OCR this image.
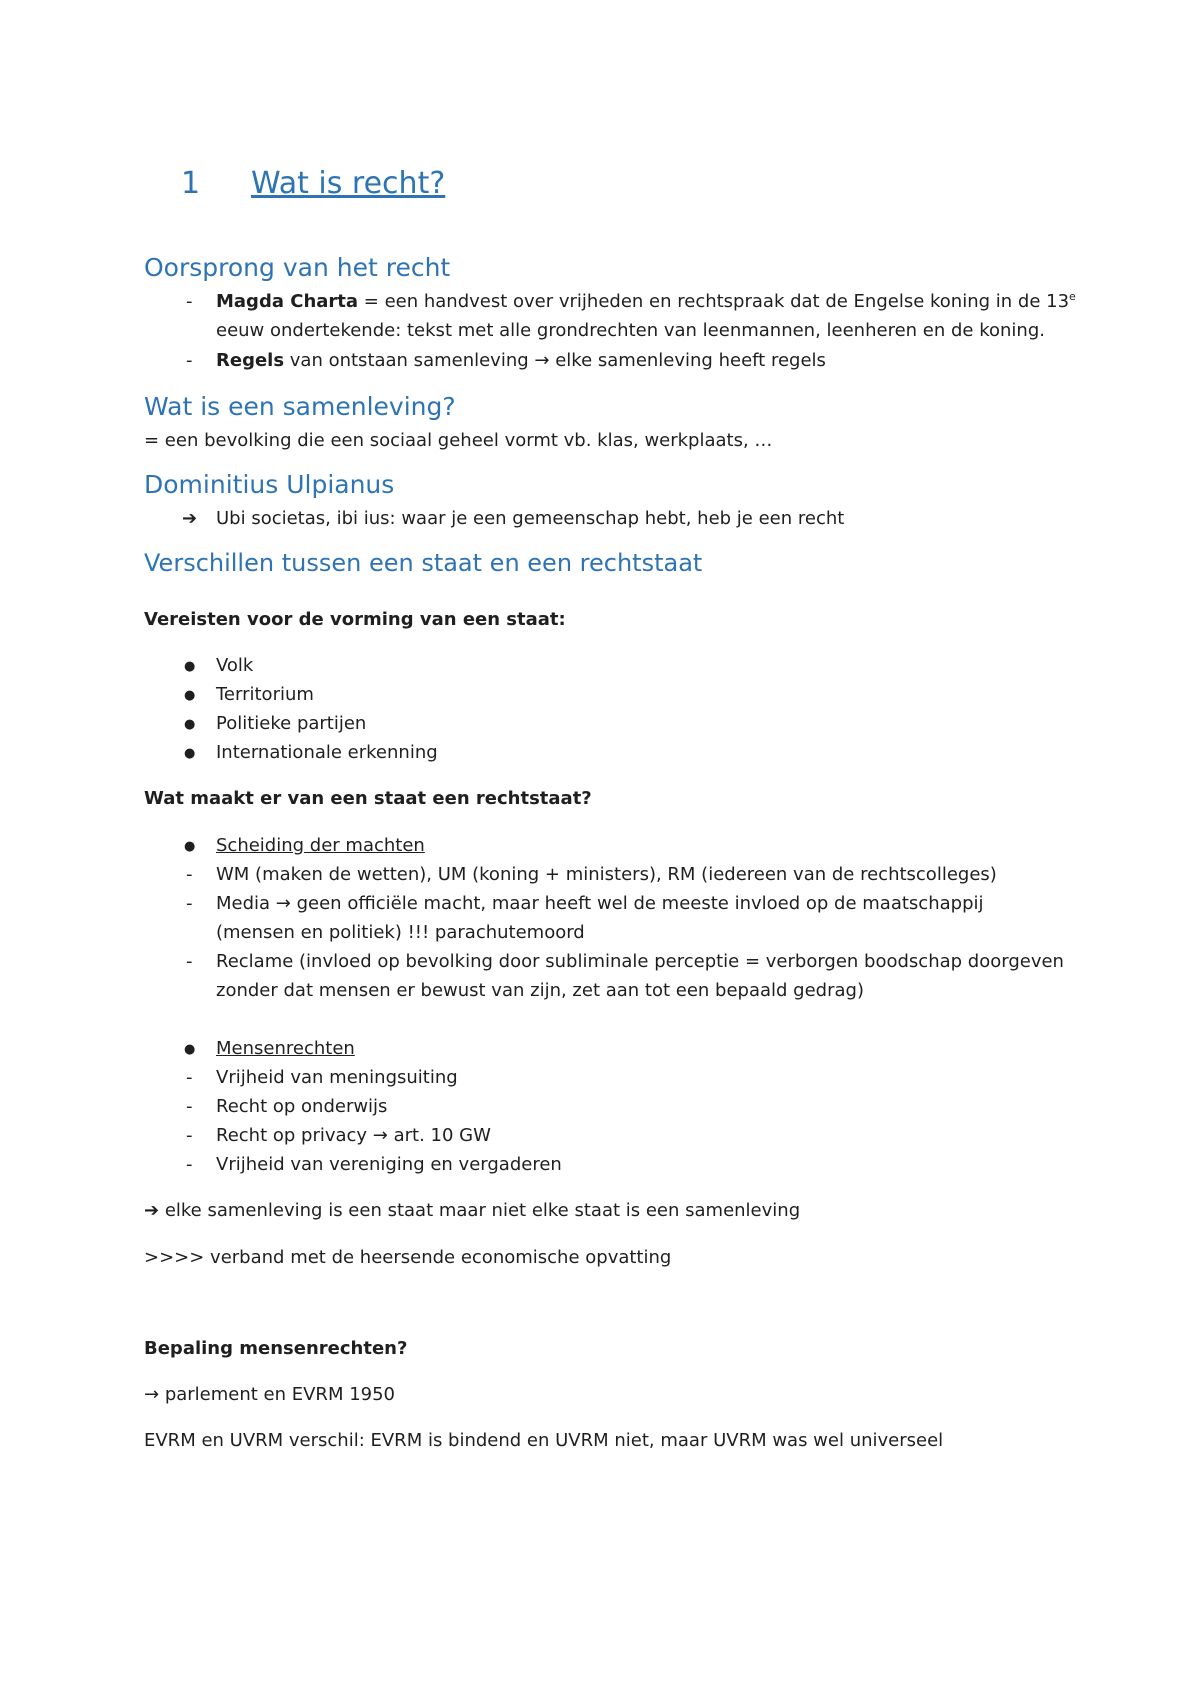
1 Wat is recht?
Oorsprong van het recht
- Magda Charta = een handvest over vrijheden en rechtspraak dat de Engelse koning in de 13e
eeuw ondertekende: tekst met alle grondrechten van leenmannen, leenheren en de koning.
- Regels van ontstaan samenleving → elke samenleving heeft regels
Wat is een samenleving?
= een bevolking die een sociaal geheel vormt vb. klas, werkplaats, …
Dominitius Ulpianus
➔ Ubi societas, ibi ius: waar je een gemeenschap hebt, heb je een recht
Verschillen tussen een staat en een rechtstaat
Vereisten voor de vorming van een staat:
● Volk
● Territorium
● Politieke partijen
● Internationale erkenning
Wat maakt er van een staat een rechtstaat?
● Scheiding der machten
- WM (maken de wetten), UM (koning + ministers), RM (iedereen van de rechtscolleges)
- Media → geen officiële macht, maar heeft wel de meeste invloed op de maatschappij
(mensen en politiek) !!! parachutemoord
- Reclame (invloed op bevolking door subliminale perceptie = verborgen boodschap doorgeven
zonder dat mensen er bewust van zijn, zet aan tot een bepaald gedrag)
● Mensenrechten
- Vrijheid van meningsuiting
- Recht op onderwijs
- Recht op privacy → art. 10 GW
- Vrijheid van vereniging en vergaderen
➔ elke samenleving is een staat maar niet elke staat is een samenleving
>>>> verband met de heersende economische opvatting
Bepaling mensenrechten?
→ parlement en EVRM 1950
EVRM en UVRM verschil: EVRM is bindend en UVRM niet, maar UVRM was wel universeel
